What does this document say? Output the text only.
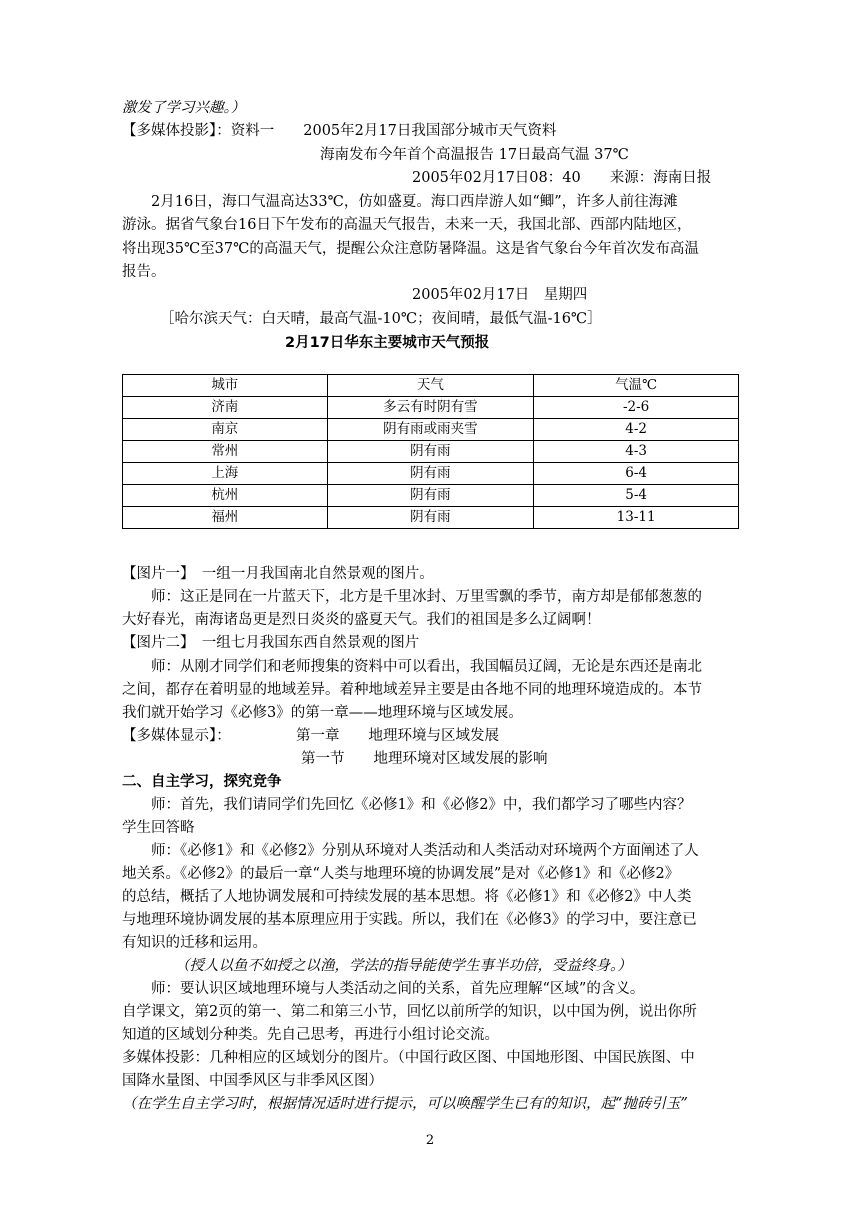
激发了学习兴趣。）
【多媒体投影】：资料一　　2005年2月17日我国部分城市天气资料
海南发布今年首个高温报告 17日最高气温 37℃
2005年02月17日08：40　　来源：海南日报
2月16日，海口气温高达33℃，仿如盛夏。海口西岸游人如“鲫”，许多人前往海滩
游泳。据省气象台16日下午发布的高温天气报告，未来一天，我国北部、西部内陆地区，
将出现35℃至37℃的高温天气，提醒公众注意防暑降温。这是省气象台今年首次发布高温
报告。
2005年02月17日　星期四
［哈尔滨天气：白天晴，最高气温-10℃；夜间晴，最低气温-16℃］
2月17日华东主要城市天气预报
城市	天气	气温℃
济南	多云有时阴有雪	-2-6
南京	阴有雨或雨夹雪	4-2
常州	阴有雨	4-3
上海	阴有雨	6-4
杭州	阴有雨	5-4
福州	阴有雨	13-11
【图片一】　一组一月我国南北自然景观的图片。
师：这正是同在一片蓝天下，北方是千里冰封、万里雪飘的季节，南方却是郁郁葱葱的
大好春光，南海诸岛更是烈日炎炎的盛夏天气。我们的祖国是多么辽阔啊！
【图片二】　一组七月我国东西自然景观的图片
师：从刚才同学们和老师搜集的资料中可以看出，我国幅员辽阔，无论是东西还是南北
之间，都存在着明显的地域差异。着种地域差异主要是由各地不同的地理环境造成的。本节
我们就开始学习《必修3》的第一章——地理环境与区域发展。
【多媒体显示】：　　　　　第一章　　地理环境与区域发展
第一节　　地理环境对区域发展的影响
二、自主学习，探究竞争
师：首先，我们请同学们先回忆《必修1》和《必修2》中，我们都学习了哪些内容？
学生回答略
师：《必修1》和《必修2》分别从环境对人类活动和人类活动对环境两个方面阐述了人
地关系。《必修2》的最后一章“人类与地理环境的协调发展”是对《必修1》和《必修2》
的总结，概括了人地协调发展和可持续发展的基本思想。将《必修1》和《必修2》中人类
与地理环境协调发展的基本原理应用于实践。所以，我们在《必修3》的学习中，要注意已
有知识的迁移和运用。
（授人以鱼不如授之以渔，学法的指导能使学生事半功倍，受益终身。）
师：要认识区域地理环境与人类活动之间的关系，首先应理解“区域”的含义。
自学课文，第2页的第一、第二和第三小节，回忆以前所学的知识，以中国为例，说出你所
知道的区域划分种类。先自己思考，再进行小组讨论交流。
多媒体投影：几种相应的区域划分的图片。（中国行政区图、中国地形图、中国民族图、中
国降水量图、中国季风区与非季风区图）
（在学生自主学习时，根据情况适时进行提示，可以唤醒学生已有的知识，起“抛砖引玉”
2
